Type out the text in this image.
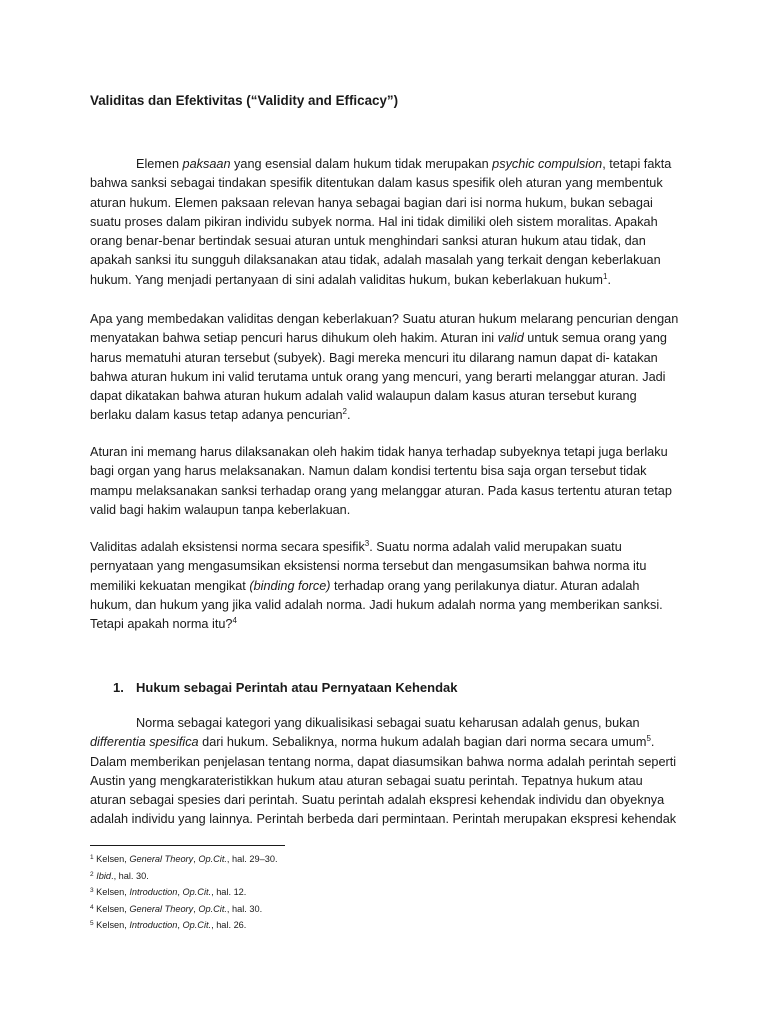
Validitas dan Efektivitas (“Validity and Efficacy”)

Elemen paksaan yang esensial dalam hukum tidak merupakan psychic compulsion, tetapi fakta
bahwa sanksi sebagai tindakan spesifik ditentukan dalam kasus spesifik oleh aturan yang membentuk
aturan hukum. Elemen paksaan relevan hanya sebagai bagian dari isi norma hukum, bukan sebagai
suatu proses dalam pikiran individu subyek norma. Hal ini tidak dimiliki oleh sistem moralitas. Apakah
orang benar-benar bertindak sesuai aturan untuk menghindari sanksi aturan hukum atau tidak, dan
apakah sanksi itu sungguh dilaksanakan atau tidak, adalah masalah yang terkait dengan keberlakuan
hukum. Yang menjadi pertanyaan di sini adalah validitas hukum, bukan keberlakuan hukum$^1$.

Apa yang membedakan validitas dengan keberlakuan? Suatu aturan hukum melarang pencurian dengan
menyatakan bahwa setiap pencuri harus dihukum oleh hakim. Aturan ini valid untuk semua orang yang
harus mematuhi aturan tersebut (subyek). Bagi mereka mencuri itu dilarang namun dapat di- katakan
bahwa aturan hukum ini valid terutama untuk orang yang mencuri, yang berarti melanggar aturan. Jadi
dapat dikatakan bahwa aturan hukum adalah valid walaupun dalam kasus aturan tersebut kurang
berlaku dalam kasus tetap adanya pencurian$^2$.

Aturan ini memang harus dilaksanakan oleh hakim tidak hanya terhadap subyeknya tetapi juga berlaku
bagi organ yang harus melaksanakan. Namun dalam kondisi tertentu bisa saja organ tersebut tidak
mampu melaksanakan sanksi terhadap orang yang melanggar aturan. Pada kasus tertentu aturan tetap
valid bagi hakim walaupun tanpa keberlakuan.

Validitas adalah eksistensi norma secara spesifik$^3$. Suatu norma adalah valid merupakan suatu
pernyataan yang mengasumsikan eksistensi norma tersebut dan mengasumsikan bahwa norma itu
memiliki kekuatan mengikat (binding force) terhadap orang yang perilakunya diatur. Aturan adalah
hukum, dan hukum yang jika valid adalah norma. Jadi hukum adalah norma yang memberikan sanksi.
Tetapi apakah norma itu?$^4$

1. Hukum sebagai Perintah atau Pernyataan Kehendak

Norma sebagai kategori yang dikualisikasi sebagai suatu keharusan adalah genus, bukan
differentia spesifica dari hukum. Sebaliknya, norma hukum adalah bagian dari norma secara umum$^5$.
Dalam memberikan penjelasan tentang norma, dapat diasumsikan bahwa norma adalah perintah seperti
Austin yang mengkarateristikkan hukum atau aturan sebagai suatu perintah. Tepatnya hukum atau
aturan sebagai spesies dari perintah. Suatu perintah adalah ekspresi kehendak individu dan obyeknya
adalah individu yang lainnya. Perintah berbeda dari permintaan. Perintah merupakan ekspresi kehendak

$^1$ Kelsen, General Theory, Op.Cit., hal. 29–30.
$^2$ Ibid., hal. 30.
$^3$ Kelsen, Introduction, Op.Cit., hal. 12.
$^4$ Kelsen, General Theory, Op.Cit., hal. 30.
$^5$ Kelsen, Introduction, Op.Cit., hal. 26.
